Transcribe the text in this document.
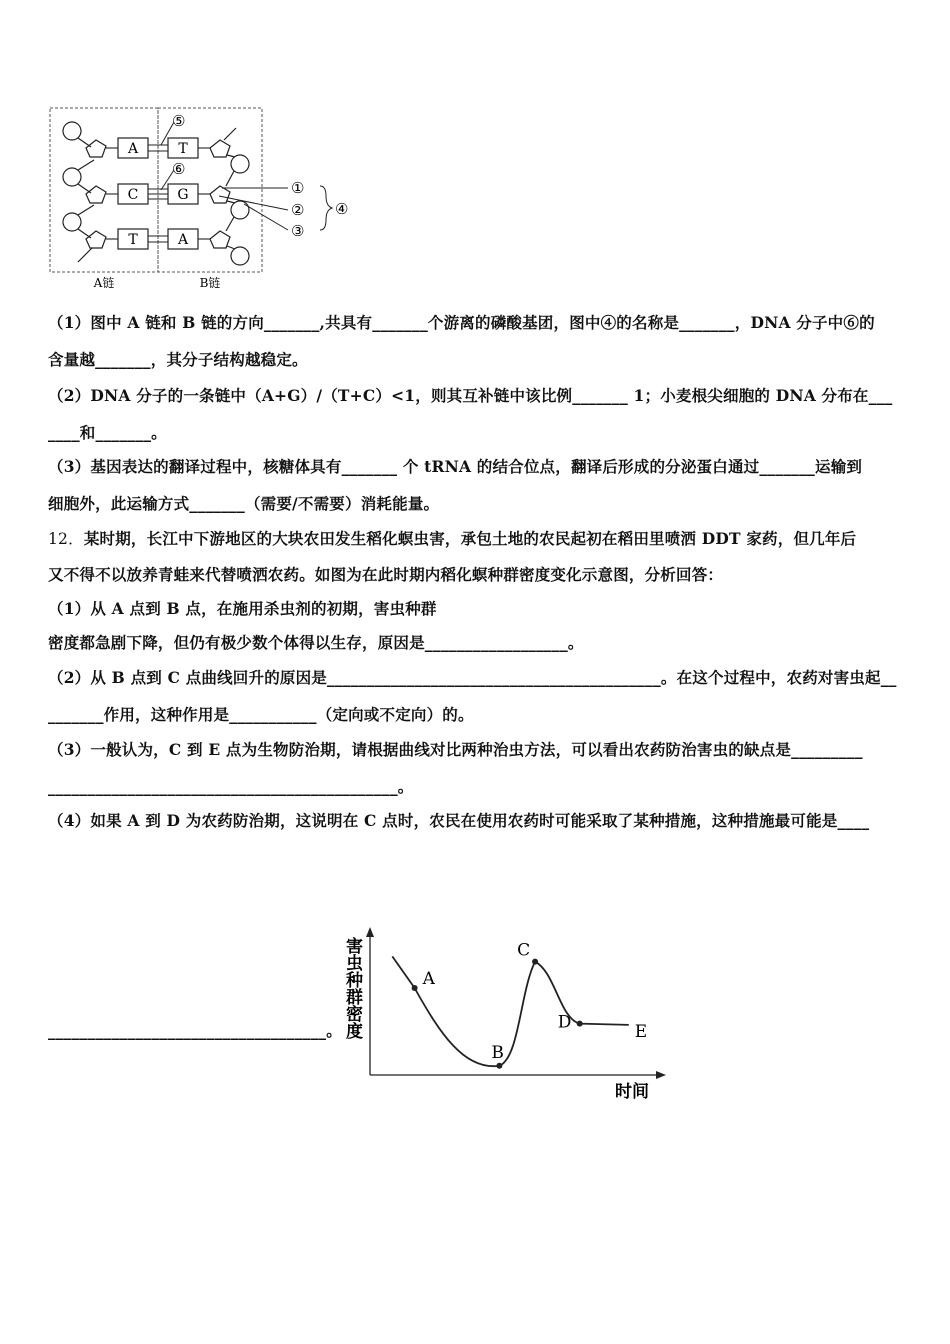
A
C
T
T
G
A
⑤
⑥
①
②
③
④
A链	B链
（1）图中 A 链和 B 链的方向_______,共具有_______个游离的磷酸基团，图中④的名称是_______，DNA 分子中⑥的
含量越_______，其分子结构越稳定。
（2）DNA 分子的一条链中（A+G）/（T+C）<1，则其互补链中该比例_______ 1；小麦根尖细胞的 DNA 分布在___
____和_______。
（3）基因表达的翻译过程中，核糖体具有_______ 个 tRNA 的结合位点，翻译后形成的分泌蛋白通过_______运输到
细胞外，此运输方式_______（需要/不需要）消耗能量。
12．某时期，长江中下游地区的大块农田发生稻化螟虫害，承包土地的农民起初在稻田里喷洒 DDT 家药，但几年后
又不得不以放养青蛙来代替喷洒农药。如图为在此时期内稻化螟种群密度变化示意图，分析回答：
（1）从 A 点到 B 点，在施用杀虫剂的初期，害虫种群
密度都急剧下降，但仍有极少数个体得以生存，原因是__________________。
（2）从 B 点到 C 点曲线回升的原因是__________________________________________。在这个过程中，农药对害虫起__
_______作用，这种作用是___________（定向或不定向）的。
（3）一般认为，C 到 E 点为生物防治期，请根据曲线对比两种治虫方法，可以看出农药防治害虫的缺点是_________
____________________________________________。
（4）如果 A 到 D 为农药防治期，这说明在 C 点时，农民在使用农药时可能采取了某种措施，这种措施最可能是____
___________________________________。
A
B
C
D	E
害虫种群密度
时间
